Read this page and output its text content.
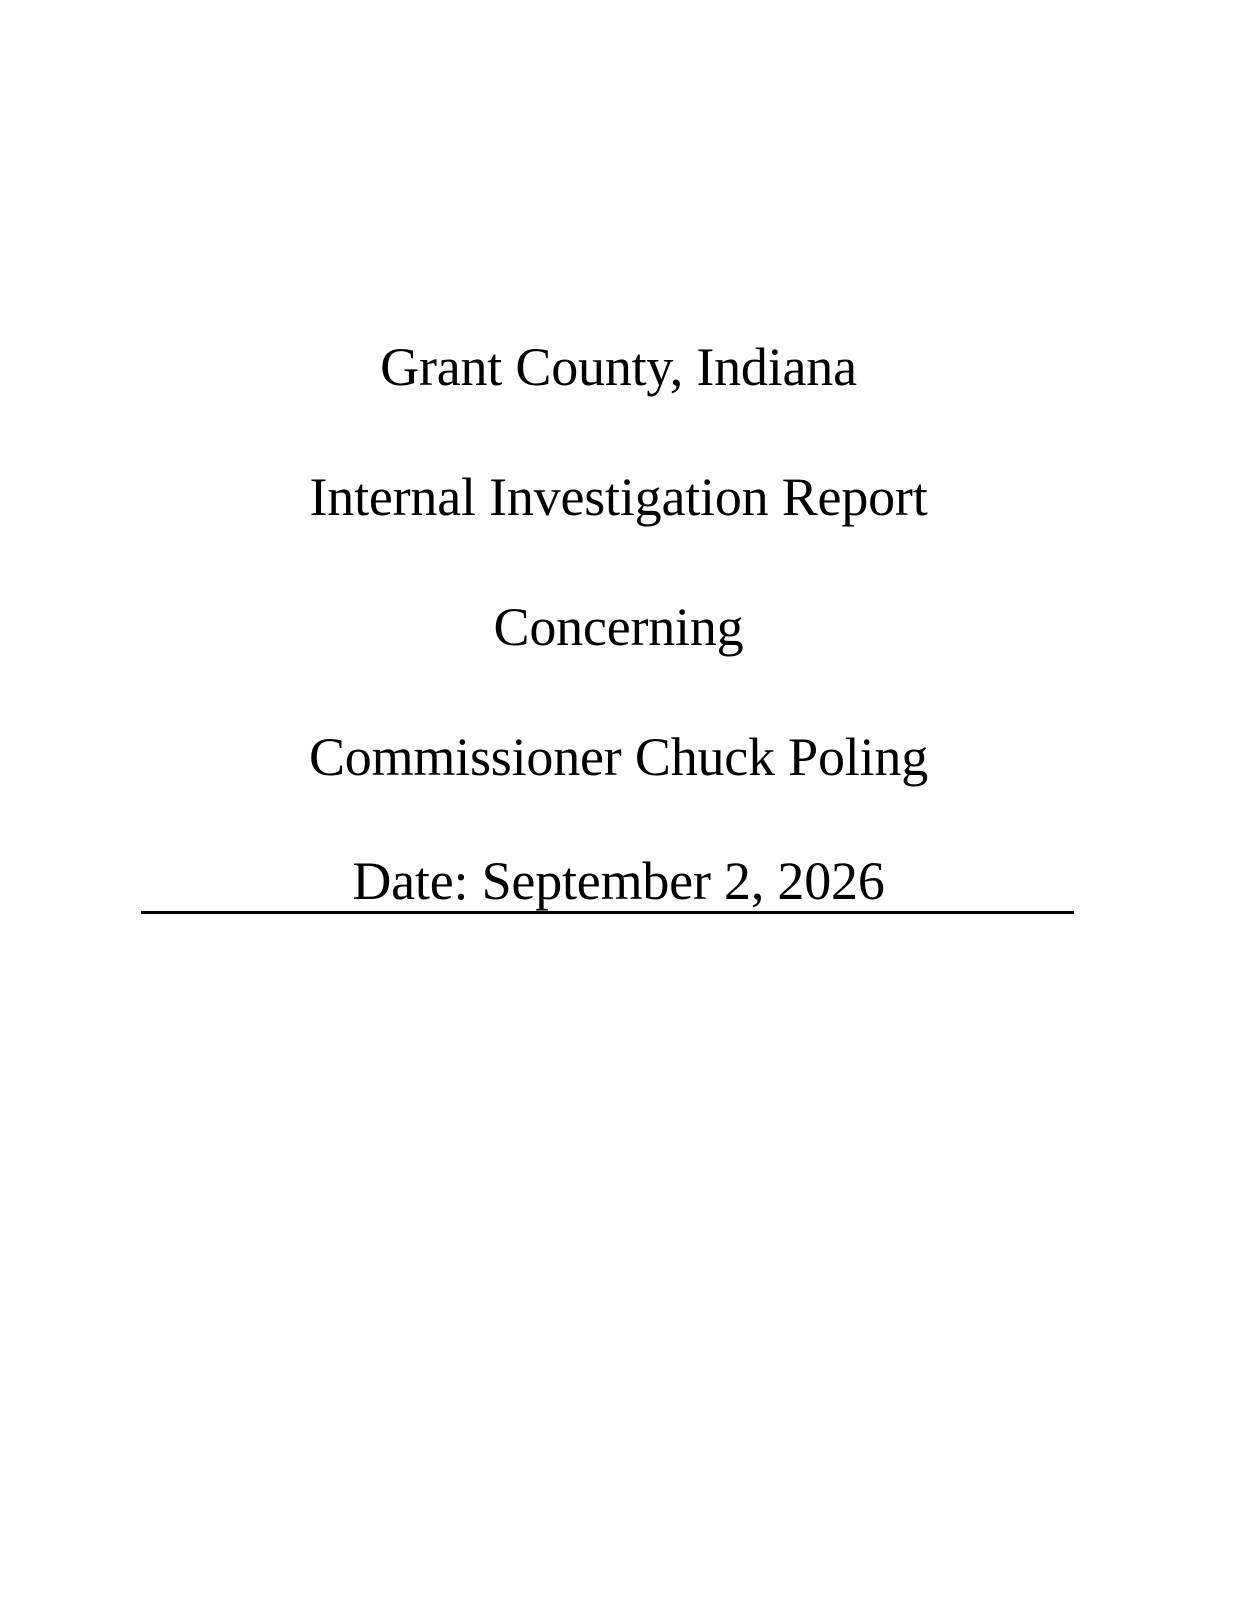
Grant County, Indiana
Internal Investigation Report
Concerning
Commissioner Chuck Poling
Date: September 2, 2026
